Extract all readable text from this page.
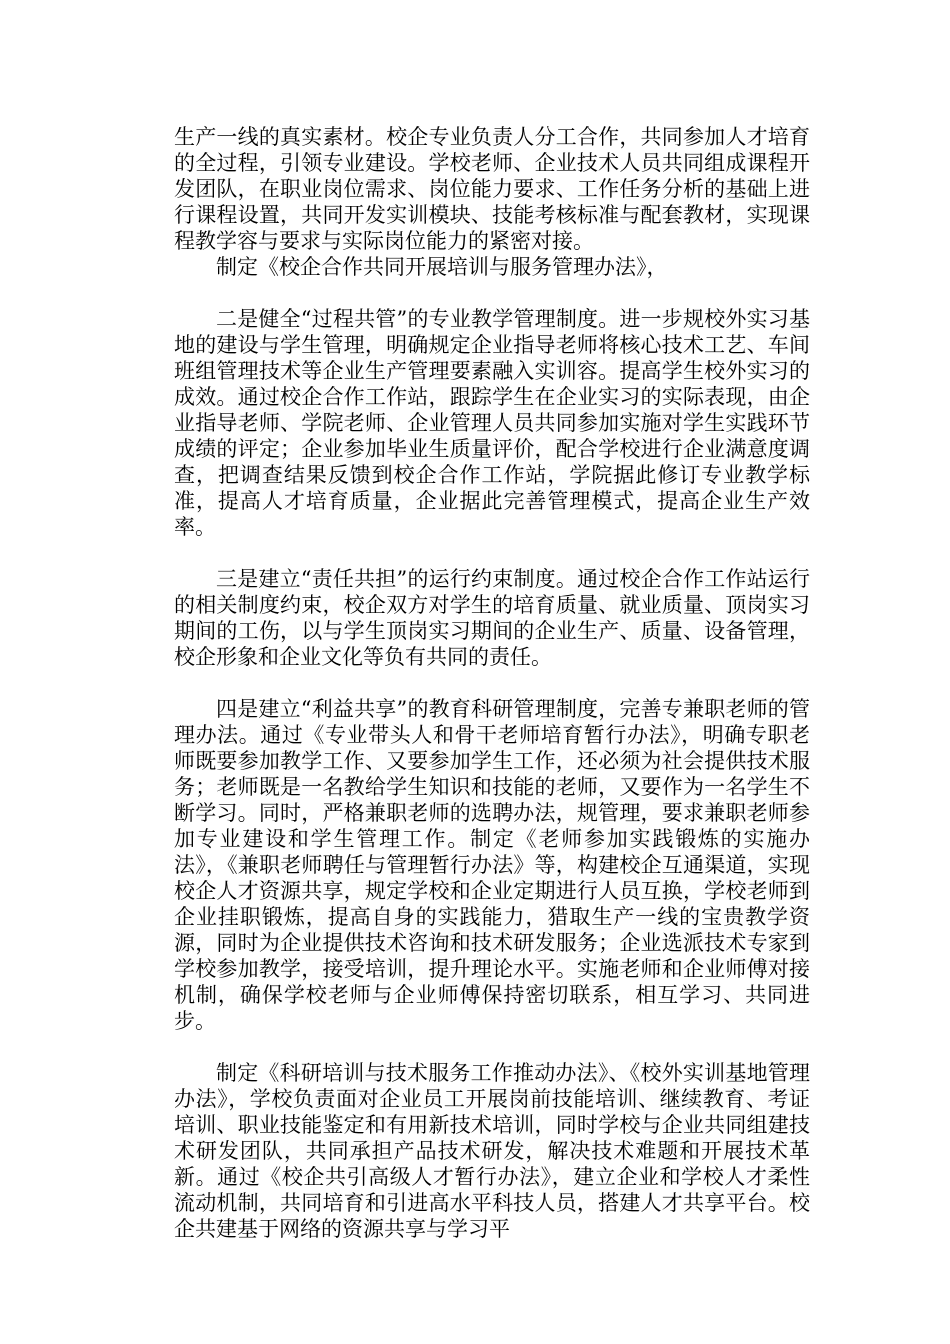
生产一线的真实素材。校企专业负责人分工合作，共同参加人才培育的全过程，引领专业建设。学校老师、企业技术人员共同组成课程开发团队，在职业岗位需求、岗位能力要求、工作任务分析的基础上进行课程设置，共同开发实训模块、技能考核标准与配套教材，实现课程教学容与要求与实际岗位能力的紧密对接。

制定《校企合作共同开展培训与服务管理办法》，

二是健全“过程共管”的专业教学管理制度。进一步规校外实习基地的建设与学生管理，明确规定企业指导老师将核心技术工艺、车间班组管理技术等企业生产管理要素融入实训容。提高学生校外实习的成效。通过校企合作工作站，跟踪学生在企业实习的实际表现，由企业指导老师、学院老师、企业管理人员共同参加实施对学生实践环节成绩的评定；企业参加毕业生质量评价，配合学校进行企业满意度调查，把调查结果反馈到校企合作工作站，学院据此修订专业教学标准，提高人才培育质量，企业据此完善管理模式，提高企业生产效率。

三是建立“责任共担”的运行约束制度。通过校企合作工作站运行的相关制度约束，校企双方对学生的培育质量、就业质量、顶岗实习期间的工伤，以与学生顶岗实习期间的企业生产、质量、设备管理，校企形象和企业文化等负有共同的责任。

四是建立“利益共享”的教育科研管理制度，完善专兼职老师的管理办法。通过《专业带头人和骨干老师培育暂行办法》，明确专职老师既要参加教学工作、又要参加学生工作，还必须为社会提供技术服务；老师既是一名教给学生知识和技能的老师，又要作为一名学生不断学习。同时，严格兼职老师的选聘办法，规管理，要求兼职老师参加专业建设和学生管理工作。制定《老师参加实践锻炼的实施办法》，《兼职老师聘任与管理暂行办法》等，构建校企互通渠道，实现校企人才资源共享，规定学校和企业定期进行人员互换，学校老师到企业挂职锻炼，提高自身的实践能力，猎取生产一线的宝贵教学资源，同时为企业提供技术咨询和技术研发服务；企业选派技术专家到学校参加教学，接受培训，提升理论水平。实施老师和企业师傅对接机制，确保学校老师与企业师傅保持密切联系，相互学习、共同进步。

制定《科研培训与技术服务工作推动办法》、《校外实训基地管理办法》，学校负责面对企业员工开展岗前技能培训、继续教育、考证培训、职业技能鉴定和有用新技术培训，同时学校与企业共同组建技术研发团队，共同承担产品技术研发，解决技术难题和开展技术革新。通过《校企共引高级人才暂行办法》，建立企业和学校人才柔性流动机制，共同培育和引进高水平科技人员，搭建人才共享平台。校企共建基于网络的资源共享与学习平
